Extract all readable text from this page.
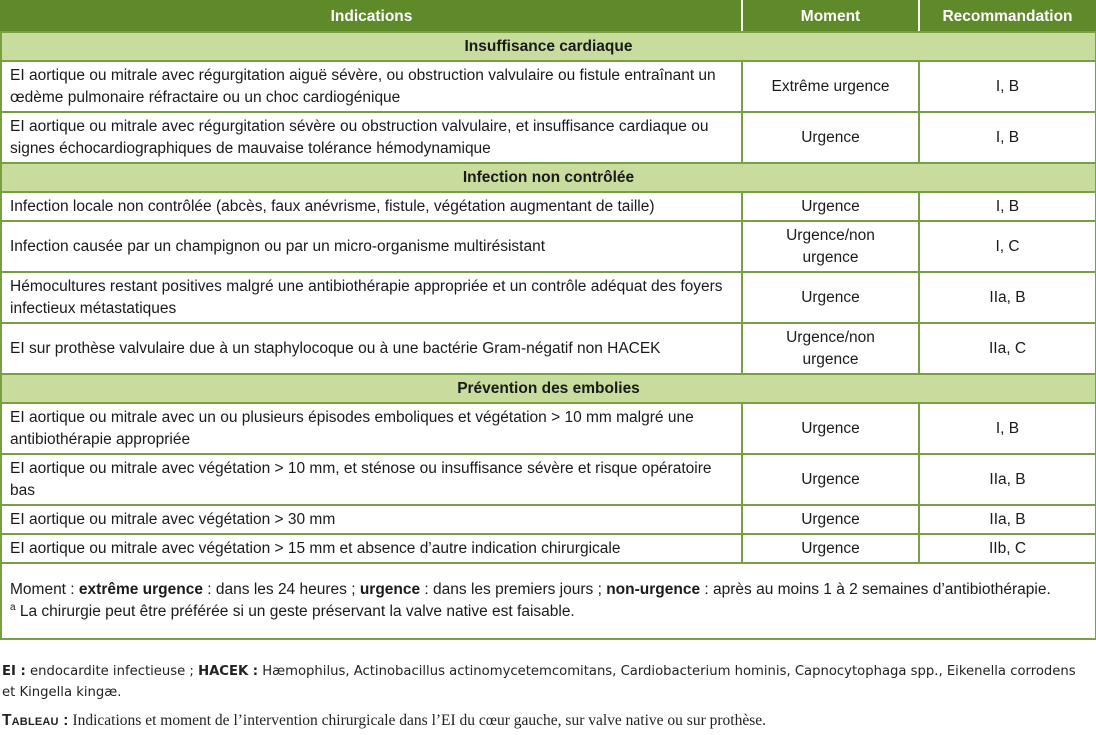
Indications	Moment	Recommandation
Insuffisance cardiaque		
EI aortique ou mitrale avec régurgitation aiguë sévère, ou obstruction valvulaire ou fistule entraînant un œdème pulmonaire réfractaire ou un choc cardiogénique	Extrême urgence	I, B
EI aortique ou mitrale avec régurgitation sévère ou obstruction valvulaire, et insuffisance cardiaque ou signes échocardiographiques de mauvaise tolérance hémodynamique	Urgence	I, B
Infection non contrôlée		
Infection locale non contrôlée (abcès, faux anévrisme, fistule, végétation augmentant de taille)	Urgence	I, B
Infection causée par un champignon ou par un micro-organisme multirésistant	Urgence/non urgence	I, C
Hémocultures restant positives malgré une antibiothérapie appropriée et un contrôle adéquat des foyers infectieux métastatiques	Urgence	IIa, B
EI sur prothèse valvulaire due à un staphylocoque ou à une bactérie Gram-négatif non HACEK	Urgence/non urgence	IIa, C
Prévention des embolies		
EI aortique ou mitrale avec un ou plusieurs épisodes emboliques et végétation > 10 mm malgré une antibiothérapie appropriée	Urgence	I, B
EI aortique ou mitrale avec végétation > 10 mm, et sténose ou insuffisance sévère et risque opératoire bas	Urgence	IIa, B
EI aortique ou mitrale avec végétation > 30 mm	Urgence	IIa, B
EI aortique ou mitrale avec végétation > 15 mm et absence d’autre indication chirurgicale	Urgence	IIb, C

Moment : extrême urgence : dans les 24 heures ; urgence : dans les premiers jours ; non-urgence : après au moins 1 à 2 semaines d’antibiothérapie.
$^a$ La chirurgie peut être préférée si un geste préservant la valve native est faisable.		
EI : endocardite infectieuse ; HACEK : Hæmophilus, Actinobacillus actinomycetemcomitans, Cardiobacterium hominis, Capnocytophaga spp., Eikenella corrodens et Kingella kingæ.
Tableau : Indications et moment de l’intervention chirurgicale dans l’EI du cœur gauche, sur valve native ou sur prothèse.
